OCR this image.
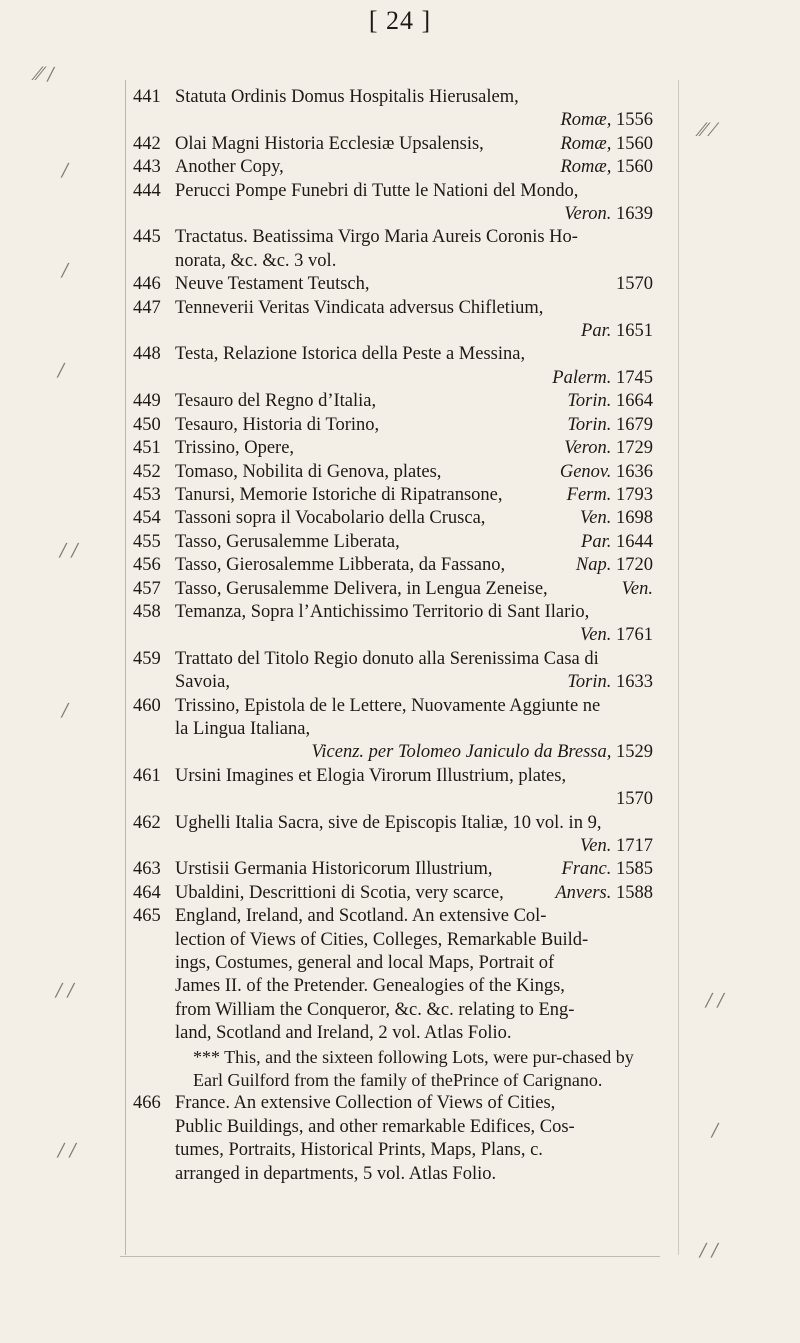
[ 24 ]
⁄⁄ ∕
∕
∕
∕
∕ ∕
∕
∕ ∕
∕ ∕
⁄⁄ ⁄
∕ ∕
∕
∕ ∕
441 Statuta Ordinis Domus Hospitalis Hierusalem,
Romæ, 1556
442 Olai Magni Historia Ecclesiæ Upsalensis,	Romæ, 1560
443 Another Copy,	Romæ, 1560
444 Perucci Pompe Funebri di Tutte le Nationi del Mondo,
Veron. 1639
445 Tractatus. Beatissima Virgo Maria Aureis Coronis Ho-
norata, &c. &c. 3 vol.
446 Neuve Testament Teutsch,	1570
447 Tenneverii Veritas Vindicata adversus Chifletium,
Par. 1651
448 Testa, Relazione Istorica della Peste a Messina,
Palerm. 1745
449 Tesauro del Regno d’Italia,	Torin. 1664
450 Tesauro, Historia di Torino,	Torin. 1679
451 Trissino, Opere,	Veron. 1729
452 Tomaso, Nobilita di Genova, plates,	Genov. 1636
453 Tanursi, Memorie Istoriche di Ripatransone,	Ferm. 1793
454 Tassoni sopra il Vocabolario della Crusca,	Ven. 1698
455 Tasso, Gerusalemme Liberata,	Par. 1644
456 Tasso, Gierosalemme Libberata, da Fassano,	Nap. 1720
457 Tasso, Gerusalemme Delivera, in Lengua Zeneise,	Ven.
458 Temanza, Sopra l’Antichissimo Territorio di Sant Ilario,
Ven. 1761
459 Trattato del Titolo Regio donuto alla Serenissima Casa di
Savoia,	Torin. 1633
460 Trissino, Epistola de le Lettere, Nuovamente Aggiunte ne
la Lingua Italiana,
Vicenz. per Tolomeo Janiculo da Bressa, 1529
461 Ursini Imagines et Elogia Virorum Illustrium, plates,
1570
462 Ughelli Italia Sacra, sive de Episcopis Italiæ, 10 vol. in 9,
Ven. 1717
463 Urstisii Germania Historicorum Illustrium,	Franc. 1585
464 Ubaldini, Descrittioni di Scotia, very scarce,	Anvers. 1588
465 England, Ireland, and Scotland. An extensive Col-
lection of Views of Cities, Colleges, Remarkable Build-
ings, Costumes, general and local Maps, Portrait of
James II. of the Pretender. Genealogies of the Kings,
from William the Conqueror, &c. &c. relating to Eng-
land, Scotland and Ireland, 2 vol. Atlas Folio.
*** This, and the sixteen following Lots, were pur-chased by Earl Guilford from the family of thePrince of Carignano.
466 France. An extensive Collection of Views of Cities,
Public Buildings, and other remarkable Edifices, Cos-
tumes, Portraits, Historical Prints, Maps, Plans, c.
arranged in departments, 5 vol. Atlas Folio.
